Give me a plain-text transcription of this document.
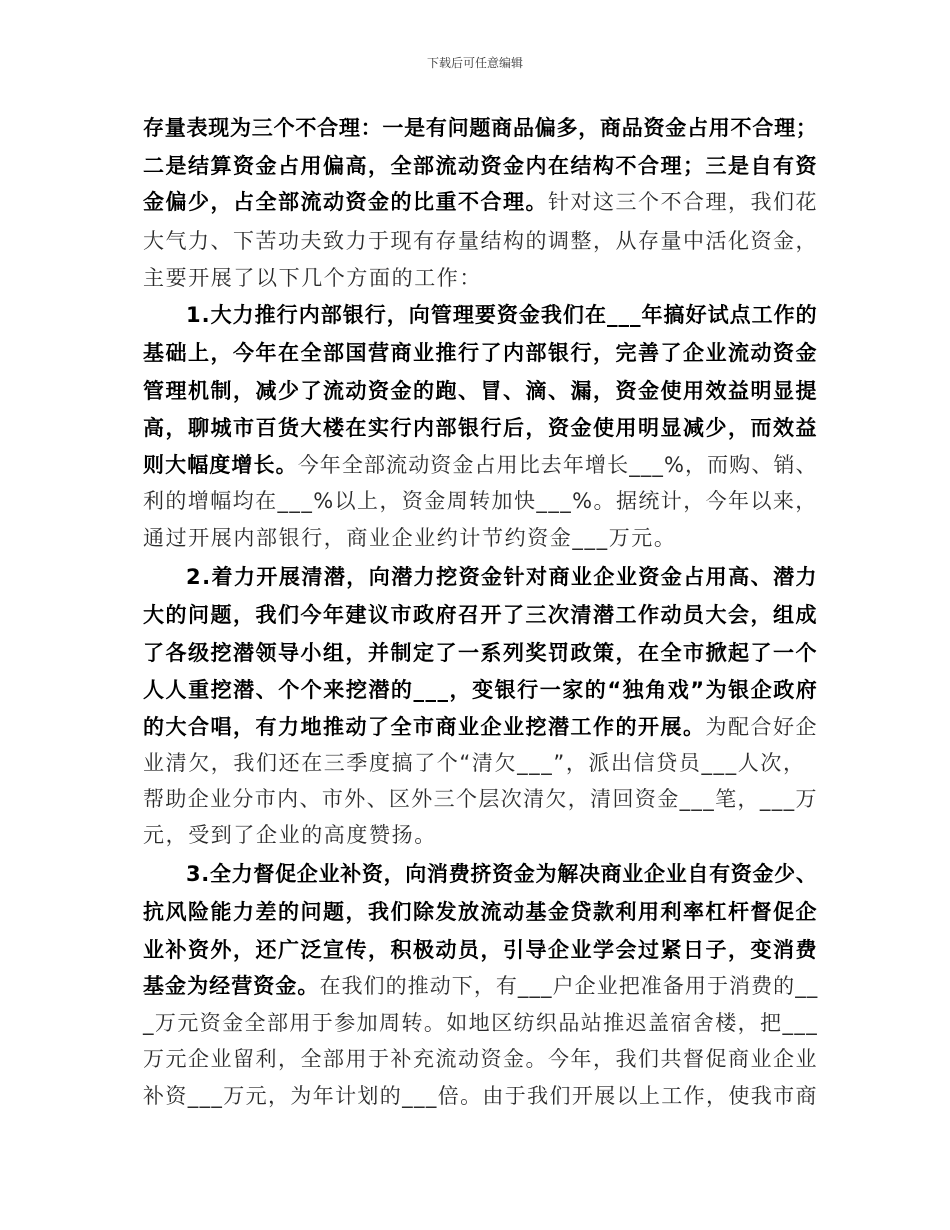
下载后可任意编辑
存量表现为三个不合理：一是有问题商品偏多，商品资金占用不合理；
二是结算资金占用偏高，全部流动资金内在结构不合理；三是自有资
金偏少，占全部流动资金的比重不合理。针对这三个不合理，我们花
大气力、下苦功夫致力于现有存量结构的调整，从存量中活化资金，
主要开展了以下几个方面的工作：
1.大力推行内部银行，向管理要资金我们在___年搞好试点工作的
基础上，今年在全部国营商业推行了内部银行，完善了企业流动资金
管理机制，减少了流动资金的跑、冒、滴、漏，资金使用效益明显提
高，聊城市百货大楼在实行内部银行后，资金使用明显减少，而效益
则大幅度增长。今年全部流动资金占用比去年增长___%，而购、销、
利的增幅均在___%以上，资金周转加快___%。据统计，今年以来，
通过开展内部银行，商业企业约计节约资金___万元。
2.着力开展清潜，向潜力挖资金针对商业企业资金占用高、潜力
大的问题，我们今年建议市政府召开了三次清潜工作动员大会，组成
了各级挖潜领导小组，并制定了一系列奖罚政策，在全市掀起了一个
人人重挖潜、个个来挖潜的___，变银行一家的“独角戏”为银企政府
的大合唱，有力地推动了全市商业企业挖潜工作的开展。为配合好企
业清欠，我们还在三季度搞了个“清欠___”，派出信贷员___人次，
帮助企业分市内、市外、区外三个层次清欠，清回资金___笔，___万
元，受到了企业的高度赞扬。
3.全力督促企业补资，向消费挤资金为解决商业企业自有资金少、
抗风险能力差的问题，我们除发放流动基金贷款利用利率杠杆督促企
业补资外，还广泛宣传，积极动员，引导企业学会过紧日子，变消费
基金为经营资金。在我们的推动下，有___户企业把准备用于消费的__
_万元资金全部用于参加周转。如地区纺织品站推迟盖宿舍楼，把___
万元企业留利，全部用于补充流动资金。今年，我们共督促商业企业
补资___万元，为年计划的___倍。由于我们开展以上工作，使我市商
